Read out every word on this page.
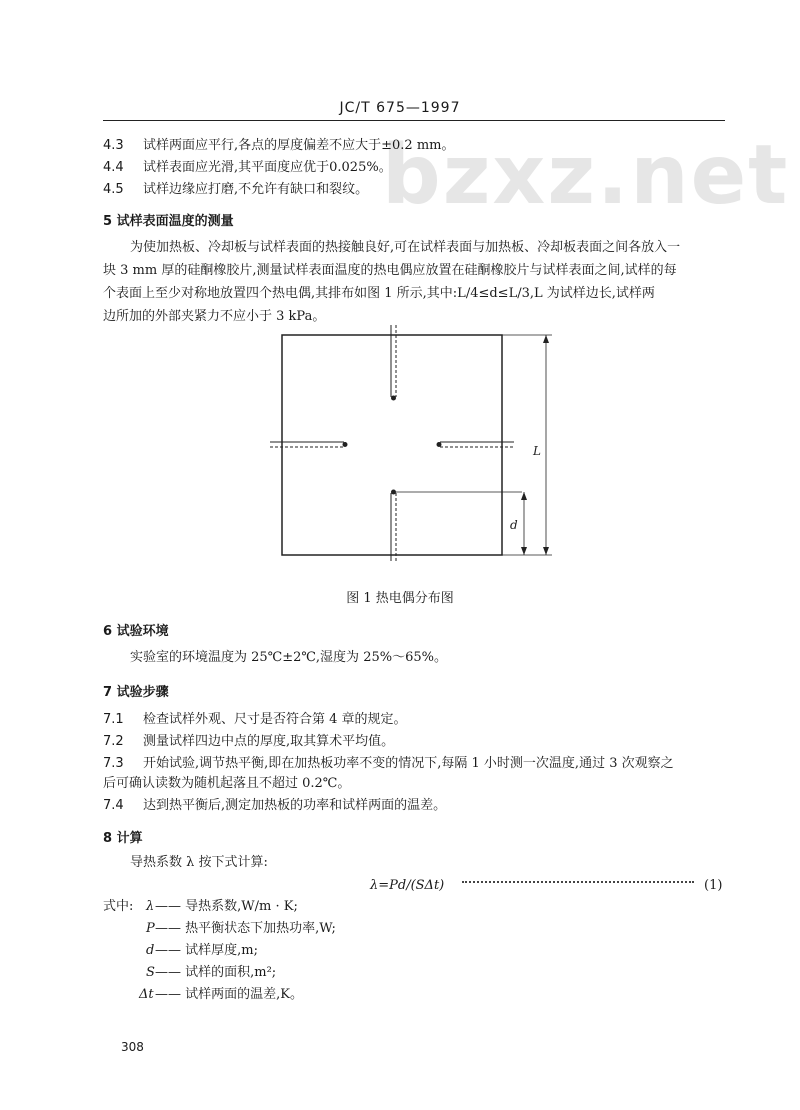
JC/T 675—1997
bzxz.net
4.3 试样两面应平行,各点的厚度偏差不应大于±0.2 mm。
4.4 试样表面应光滑,其平面度应优于0.025%。
4.5 试样边缘应打磨,不允许有缺口和裂纹。
5 试样表面温度的测量
为使加热板、冷却板与试样表面的热接触良好,可在试样表面与加热板、冷却板表面之间各放入一
块 3 mm 厚的硅酮橡胶片,测量试样表面温度的热电偶应放置在硅酮橡胶片与试样表面之间,试样的每
个表面上至少对称地放置四个热电偶,其排布如图 1 所示,其中:L/4≤d≤L/3,L 为试样边长,试样两
边所加的外部夹紧力不应小于 3 kPa。
L
d
图 1 热电偶分布图
6 试验环境
实验室的环境温度为 25℃±2℃,湿度为 25%～65%。
7 试验步骤
7.1 检查试样外观、尺寸是否符合第 4 章的规定。
7.2 测量试样四边中点的厚度,取其算术平均值。
7.3 开始试验,调节热平衡,即在加热板功率不变的情况下,每隔 1 小时测一次温度,通过 3 次观察之
后可确认读数为随机起落且不超过 0.2℃。
7.4 达到热平衡后,测定加热板的功率和试样两面的温差。
8 计算
导热系数 λ 按下式计算:
λ=Pd/(SΔt)	(1)
式中: λ—— 导热系数,W/m · K;
P—— 热平衡状态下加热功率,W;
d—— 试样厚度,m;
S—— 试样的面积,m²;
Δt—— 试样两面的温差,K。
308
